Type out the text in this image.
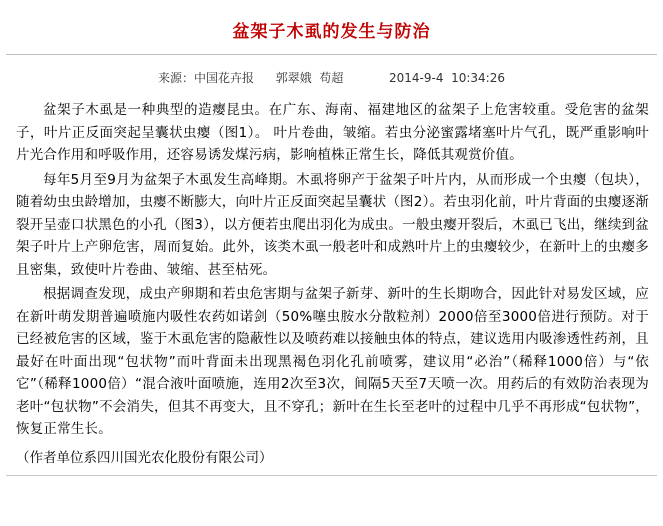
盆架子木虱的发生与防治
来源：中国花卉报 郭翠娥  苟超	2014-9-4  10:34:26

盆架子木虱是一种典型的造瘿昆虫。在广东、海南、福建地区的盆架子上危害较重。受危害的盆架子，叶片正反面突起呈囊状虫瘿（图1）。 叶片卷曲，皱缩。若虫分泌蜜露堵塞叶片气孔，既严重影响叶片光合作用和呼吸作用，还容易诱发煤污病，影响植株正常生长，降低其观赏价值。

每年5月至9月为盆架子木虱发生高峰期。木虱将卵产于盆架子叶片内，从而形成一个虫瘿（包块），随着幼虫虫龄增加，虫瘿不断膨大，向叶片正反面突起呈囊状（图2）。若虫羽化前，叶片背面的虫瘿逐渐裂开呈壶口状黑色的小孔（图3），以方便若虫爬出羽化为成虫。一般虫瘿开裂后，木虱已飞出，继续到盆架子叶片上产卵危害，周而复始。此外，该类木虱一般老叶和成熟叶片上的虫瘿较少，在新叶上的虫瘿多且密集，致使叶片卷曲、皱缩、甚至枯死。

根据调查发现，成虫产卵期和若虫危害期与盆架子新芽、新叶的生长期吻合，因此针对易发区域，应在新叶萌发期普遍喷施内吸性农药如诺剑（50%噻虫胺水分散粒剂）2000倍至3000倍进行预防。对于已经被危害的区域，鉴于木虱危害的隐蔽性以及喷药难以接触虫体的特点，建议选用内吸渗透性药剂，且最好在叶面出现“包状物”而叶背面未出现黑褐色羽化孔前喷雾，建议用“必治”（稀释1000倍）与“依它”（稀释1000倍）“混合液叶面喷施，连用2次至3次，间隔5天至7天喷一次。用药后的有效防治表现为老叶“包状物”不会消失，但其不再变大，且不穿孔；新叶在生长至老叶的过程中几乎不再形成“包状物”，恢复正常生长。

（作者单位系四川国光农化股份有限公司）
